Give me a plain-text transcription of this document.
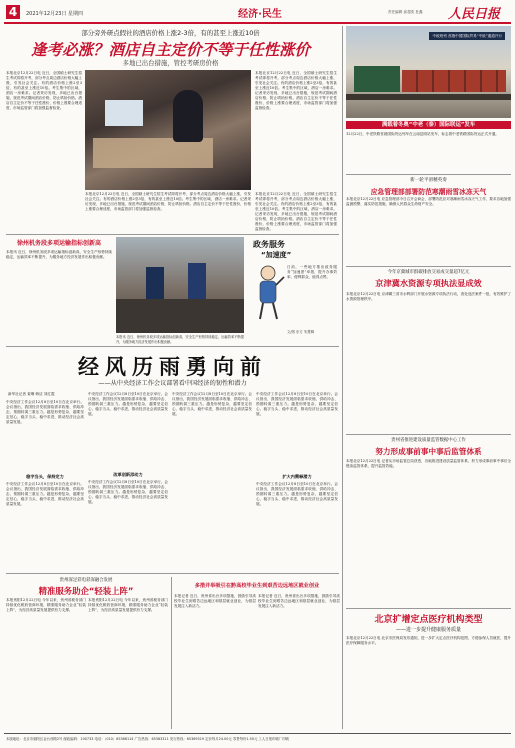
4	2021年12月23日 星期四	经济·民生	责任编辑 邱超奕 杜鑫 人民日报
部分旁外研点假社的酒店价格上涨2-3倍，有的甚至上涨近10倍
逢考必涨？酒店自主定价不等于任性涨价
多地已出台措施，管控考研房价格
本报北京12月22日电 近日，全国硕士研究生招生考试即将开考，部分考点周边酒店价格大幅上涨，引发社会关注。有的酒店价格上涨2至3倍，有的甚至上涨近10倍。考生集中的区域，酒店一房难求。记者采访发现，多地已出台措施，规范考试期间酒店价格，防止哄抬价格。酒店自主定价不等于任性涨价，价格上涨要合理适度，市场监管部门将加强监督检查。
本报北京12月22日电 近日，全国硕士研究生招生考试即将开考，部分考点周边酒店价格大幅上涨，引发社会关注。有的酒店价格上涨2至3倍，有的甚至上涨近10倍。考生集中的区域，酒店一房难求。记者采访发现，多地已出台措施，规范考试期间酒店价格，防止哄抬价格。酒店自主定价不等于任性涨价，价格上涨要合理适度，市场监管部门将加强监督检查。
本报北京12月22日电 近日，全国硕士研究生招生考试即将开考，部分考点周边酒店价格大幅上涨，引发社会关注。有的酒店价格上涨2至3倍，有的甚至上涨近10倍。考生集中的区域，酒店一房难求。记者采访发现，多地已出台措施，规范考试期间酒店价格，防止哄抬价格。酒店自主定价不等于任性涨价，价格上涨要合理适度，市场监管部门将加强监督检查。
本报北京12月22日电 近日，全国硕士研究生招生考试即将开考，部分考点周边酒店价格大幅上涨，引发社会关注。有的酒店价格上涨2至3倍，有的甚至上涨近10倍。考生集中的区域，酒店一房难求。记者采访发现，多地已出台措施，规范考试期间酒店价格，防止哄抬价格。酒店自主定价不等于任性涨价，价格上涨要合理适度，市场监管部门将加强监督检查。
徐州机务段多项运输指标创新高
本报讯 近日，徐州机务段多项运输指标创新高，安全生产形势持续稳定，运输效率不断提升，为服务地方经济发展作出积极贡献。
本报讯 近日，徐州机务段多项运输指标创新高，安全生产形势持续稳定，运输效率不断提升，为服务地方经济发展作出积极贡献。
政务服务
“加速度”
日前，一些地方推出政务服务“加速度”举措，提升办事效率，便利群众，值得点赞。
文/图 东方 朱慧卿
经风历雨勇向前
——从中央经济工作会议部署看中国经济的韧性和潜力
新华社记者 姜琳 韩洁 刘红霞
中央经济工作会议12月8日至10日在北京举行。会议指出，我国经济发展面临需求收缩、供给冲击、预期转弱三重压力。越是形势复杂，越要坚定信心，稳字当头、稳中求进，推动经济社会高质量发展。
稳字当头，保持定力
中央经济工作会议12月8日至10日在北京举行。会议指出，我国经济发展面临需求收缩、供给冲击、预期转弱三重压力。越是形势复杂，越要坚定信心，稳字当头、稳中求进，推动经济社会高质量发展。
中央经济工作会议12月8日至10日在北京举行。会议指出，我国经济发展面临需求收缩、供给冲击、预期转弱三重压力。越是形势复杂，越要坚定信心，稳字当头、稳中求进，推动经济社会高质量发展。
改革创新添动力
中央经济工作会议12月8日至10日在北京举行。会议指出，我国经济发展面临需求收缩、供给冲击、预期转弱三重压力。越是形势复杂，越要坚定信心，稳字当头、稳中求进，推动经济社会高质量发展。
中央经济工作会议12月8日至10日在北京举行。会议指出，我国经济发展面临需求收缩、供给冲击、预期转弱三重压力。越是形势复杂，越要坚定信心，稳字当头、稳中求进，推动经济社会高质量发展。
中央经济工作会议12月8日至10日在北京举行。会议指出，我国经济发展面临需求收缩、供给冲击、预期转弱三重压力。越是形势复杂，越要坚定信心，稳字当头、稳中求进，推动经济社会高质量发展。
扩大内需释潜力
中央经济工作会议12月8日至10日在北京举行。会议指出，我国经济发展面临需求收缩、供给冲击、预期转弱三重压力。越是形势复杂，越要坚定信心，稳字当头、稳中求进，推动经济社会高质量发展。
贵州深足彩电彩深融合发展
精准服务助企“轻装上阵”
本报贵阳12月22日电 今年以来，贵州省税务部门持续优化税收营商环境，精准服务助力企业“轻装上阵”，为经济高质量发展提供有力支撑。
本报贵阳12月22日电 今年以来，贵州省税务部门持续优化税收营商环境，精准服务助力企业“轻装上阵”，为经济高质量发展提供有力支撑。
多措并举吸引在黔高校毕业生到艰苦边远地区就业创业
本报记者 近日，贵州省出台多项措施，鼓励引导高校毕业生到艰苦边远地区和基层就业创业，为基层发展注入新活力。
本报记者 近日，贵州省出台多项措施，鼓励引导高校毕业生到艰苦边远地区和基层就业创业，为基层发展注入新活力。
中欧班列 首趟中国国际贸易“中欧”通道开行
满载着冬奥“中老（泰）国际联运”发车
12月22日，中老铁路首趟国际货运列车在云南昆明站发车，标志着中老铁路国际货运正式开通。
新一轮平滑精英奏
应急管理部部署防范寒潮雨雪冰冻天气
本报北京12月22日电 应急管理部今日召开会商会，部署防范应对寒潮雨雪冰冻天气工作，要求各地加强监测预警，落实防范措施，确保人民群众生命财产安全。
今年京冀城市群碳排放交易成交量超7亿元
京津冀水资源专项执法显成效
本报北京12月22日电 京津冀三省市水利部门开展水资源专项执法行动，查处违法案件一批，有效维护了水资源管理秩序。
贵州省推进建设质量监管数据中心工作
努力形成事前事中事后监管体系
本报北京12月22日电 记者从市场监管总局获悉，各地推进建设质量监管体系，努力形成事前事中事后全链条监管体系，提升监管效能。
北京扩增定点医疗机构类型
——进一步提升健康服务质量
本报北京12月22日电 北京市医保局发布通知，进一步扩大定点医疗机构范围，方便参保人员就医，提升医疗保障服务水平。
本版地址：北京市朝阳区金台西路2号 邮政编码：100733 电话：（010）65368114 广告热线：65363311 发行热线：65369319 定价每月24.00元 零售每份1.50元 工人日报印刷厂印刷
